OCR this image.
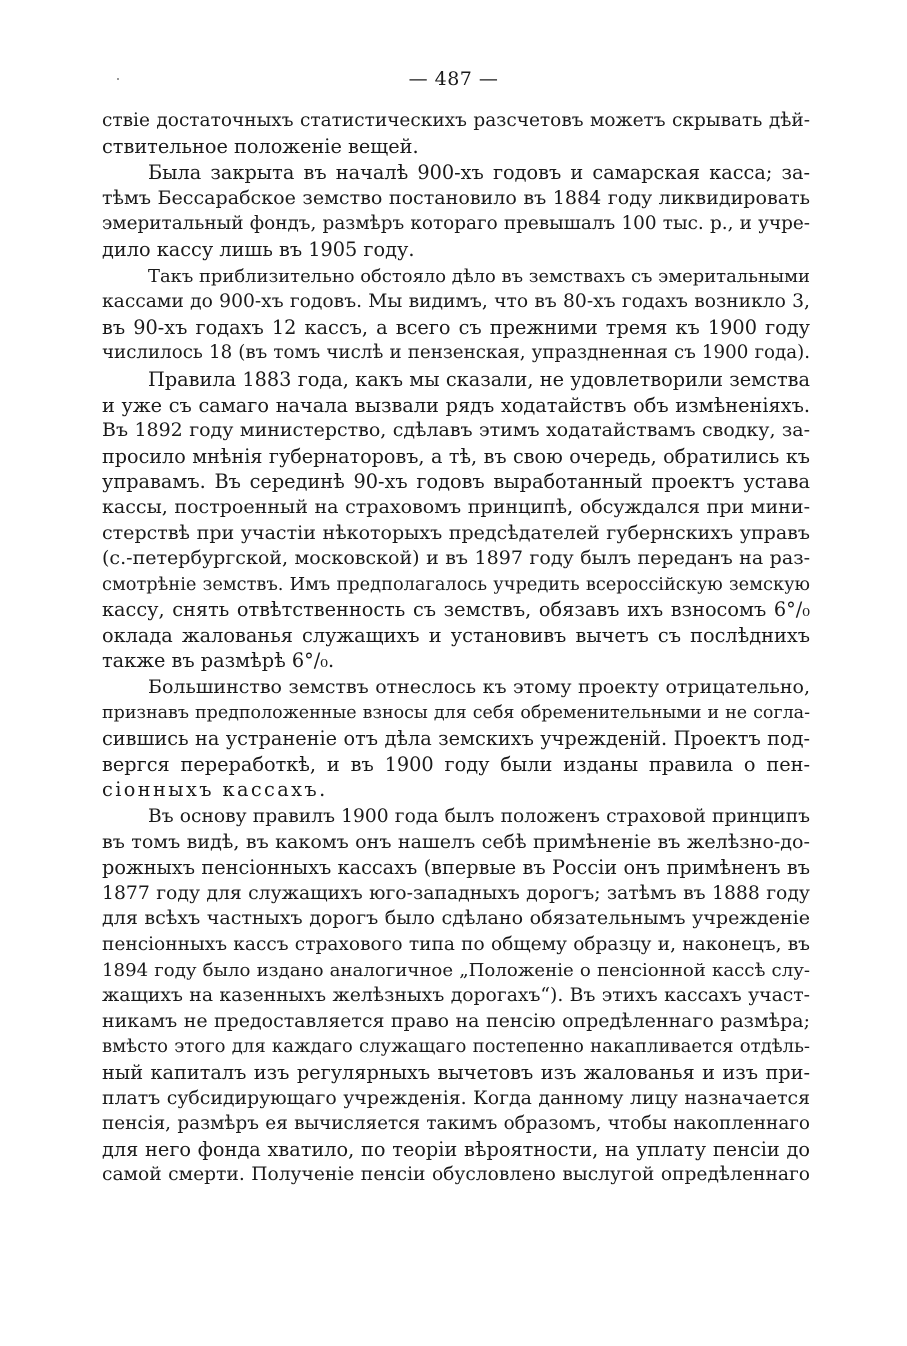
— 487 —

ствіе достаточныхъ статистическихъ разсчетовъ можетъ скрывать дѣй-
ствительное положеніе вещей.

Была закрыта въ началѣ 900-хъ годовъ и самарская касса; за-
тѣмъ Бессарабское земство постановило въ 1884 году ликвидировать
эмеритальный фондъ, размѣръ котораго превышалъ 100 тыс. р., и учре-
дило кассу лишь въ 1905 году.

Такъ приблизительно обстояло дѣло въ земствахъ съ эмеритальными
кассами до 900-хъ годовъ. Мы видимъ, что въ 80-хъ годахъ возникло 3,
въ 90-хъ годахъ 12 кассъ, а всего съ прежними тремя къ 1900 году
числилось 18 (въ томъ числѣ и пензенская, упраздненная съ 1900 года).

Правила 1883 года, какъ мы сказали, не удовлетворили земства
и уже съ самаго начала вызвали рядъ ходатайствъ объ измѣненіяхъ.
Въ 1892 году министерство, сдѣлавъ этимъ ходатайствамъ сводку, за-
просило мнѣнія губернаторовъ, а тѣ, въ свою очередь, обратились къ
управамъ. Въ серединѣ 90-хъ годовъ выработанный проектъ устава
кассы, построенный на страховомъ принципѣ, обсуждался при мини-
стерствѣ при участіи нѣкоторыхъ предсѣдателей губернскихъ управъ
(с.-петербургской, московской) и въ 1897 году былъ переданъ на раз-
смотрѣніе земствъ. Имъ предполагалось учредить всероссійскую земскую
кассу, снять отвѣтственность съ земствъ, обязавъ ихъ взносомъ 6°/₀
оклада жалованья служащихъ и установивъ вычетъ съ послѣднихъ
также въ размѣрѣ 6°/₀.

Большинство земствъ отнеслось къ этому проекту отрицательно,
признавъ предположенные взносы для себя обременительными и не согла-
сившись на устраненіе отъ дѣла земскихъ учрежденій. Проектъ под-
вергся переработкѣ, и въ 1900 году были изданы правила о пен-
сіонныхъ кассахъ.

Въ основу правилъ 1900 года былъ положенъ страховой принципъ
въ томъ видѣ, въ какомъ онъ нашелъ себѣ примѣненіе въ желѣзно-до-
рожныхъ пенсіонныхъ кассахъ (впервые въ Россіи онъ примѣненъ въ
1877 году для служащихъ юго-западныхъ дорогъ; затѣмъ въ 1888 году
для всѣхъ частныхъ дорогъ было сдѣлано обязательнымъ учрежденіе
пенсіонныхъ кассъ страхового типа по общему образцу и, наконецъ, въ
1894 году было издано аналогичное „Положеніе о пенсіонной кассѣ слу-
жащихъ на казенныхъ желѣзныхъ дорогахъ“). Въ этихъ кассахъ участ-
никамъ не предоставляется право на пенсію опредѣленнаго размѣра;
вмѣсто этого для каждаго служащаго постепенно накапливается отдѣль-
ный капиталъ изъ регулярныхъ вычетовъ изъ жалованья и изъ при-
платъ субсидирующаго учрежденія. Когда данному лицу назначается
пенсія, размѣръ ея вычисляется такимъ образомъ, чтобы накопленнаго
для него фонда хватило, по теоріи вѣроятности, на уплату пенсіи до
самой смерти. Полученіе пенсіи обусловлено выслугой опредѣленнаго
